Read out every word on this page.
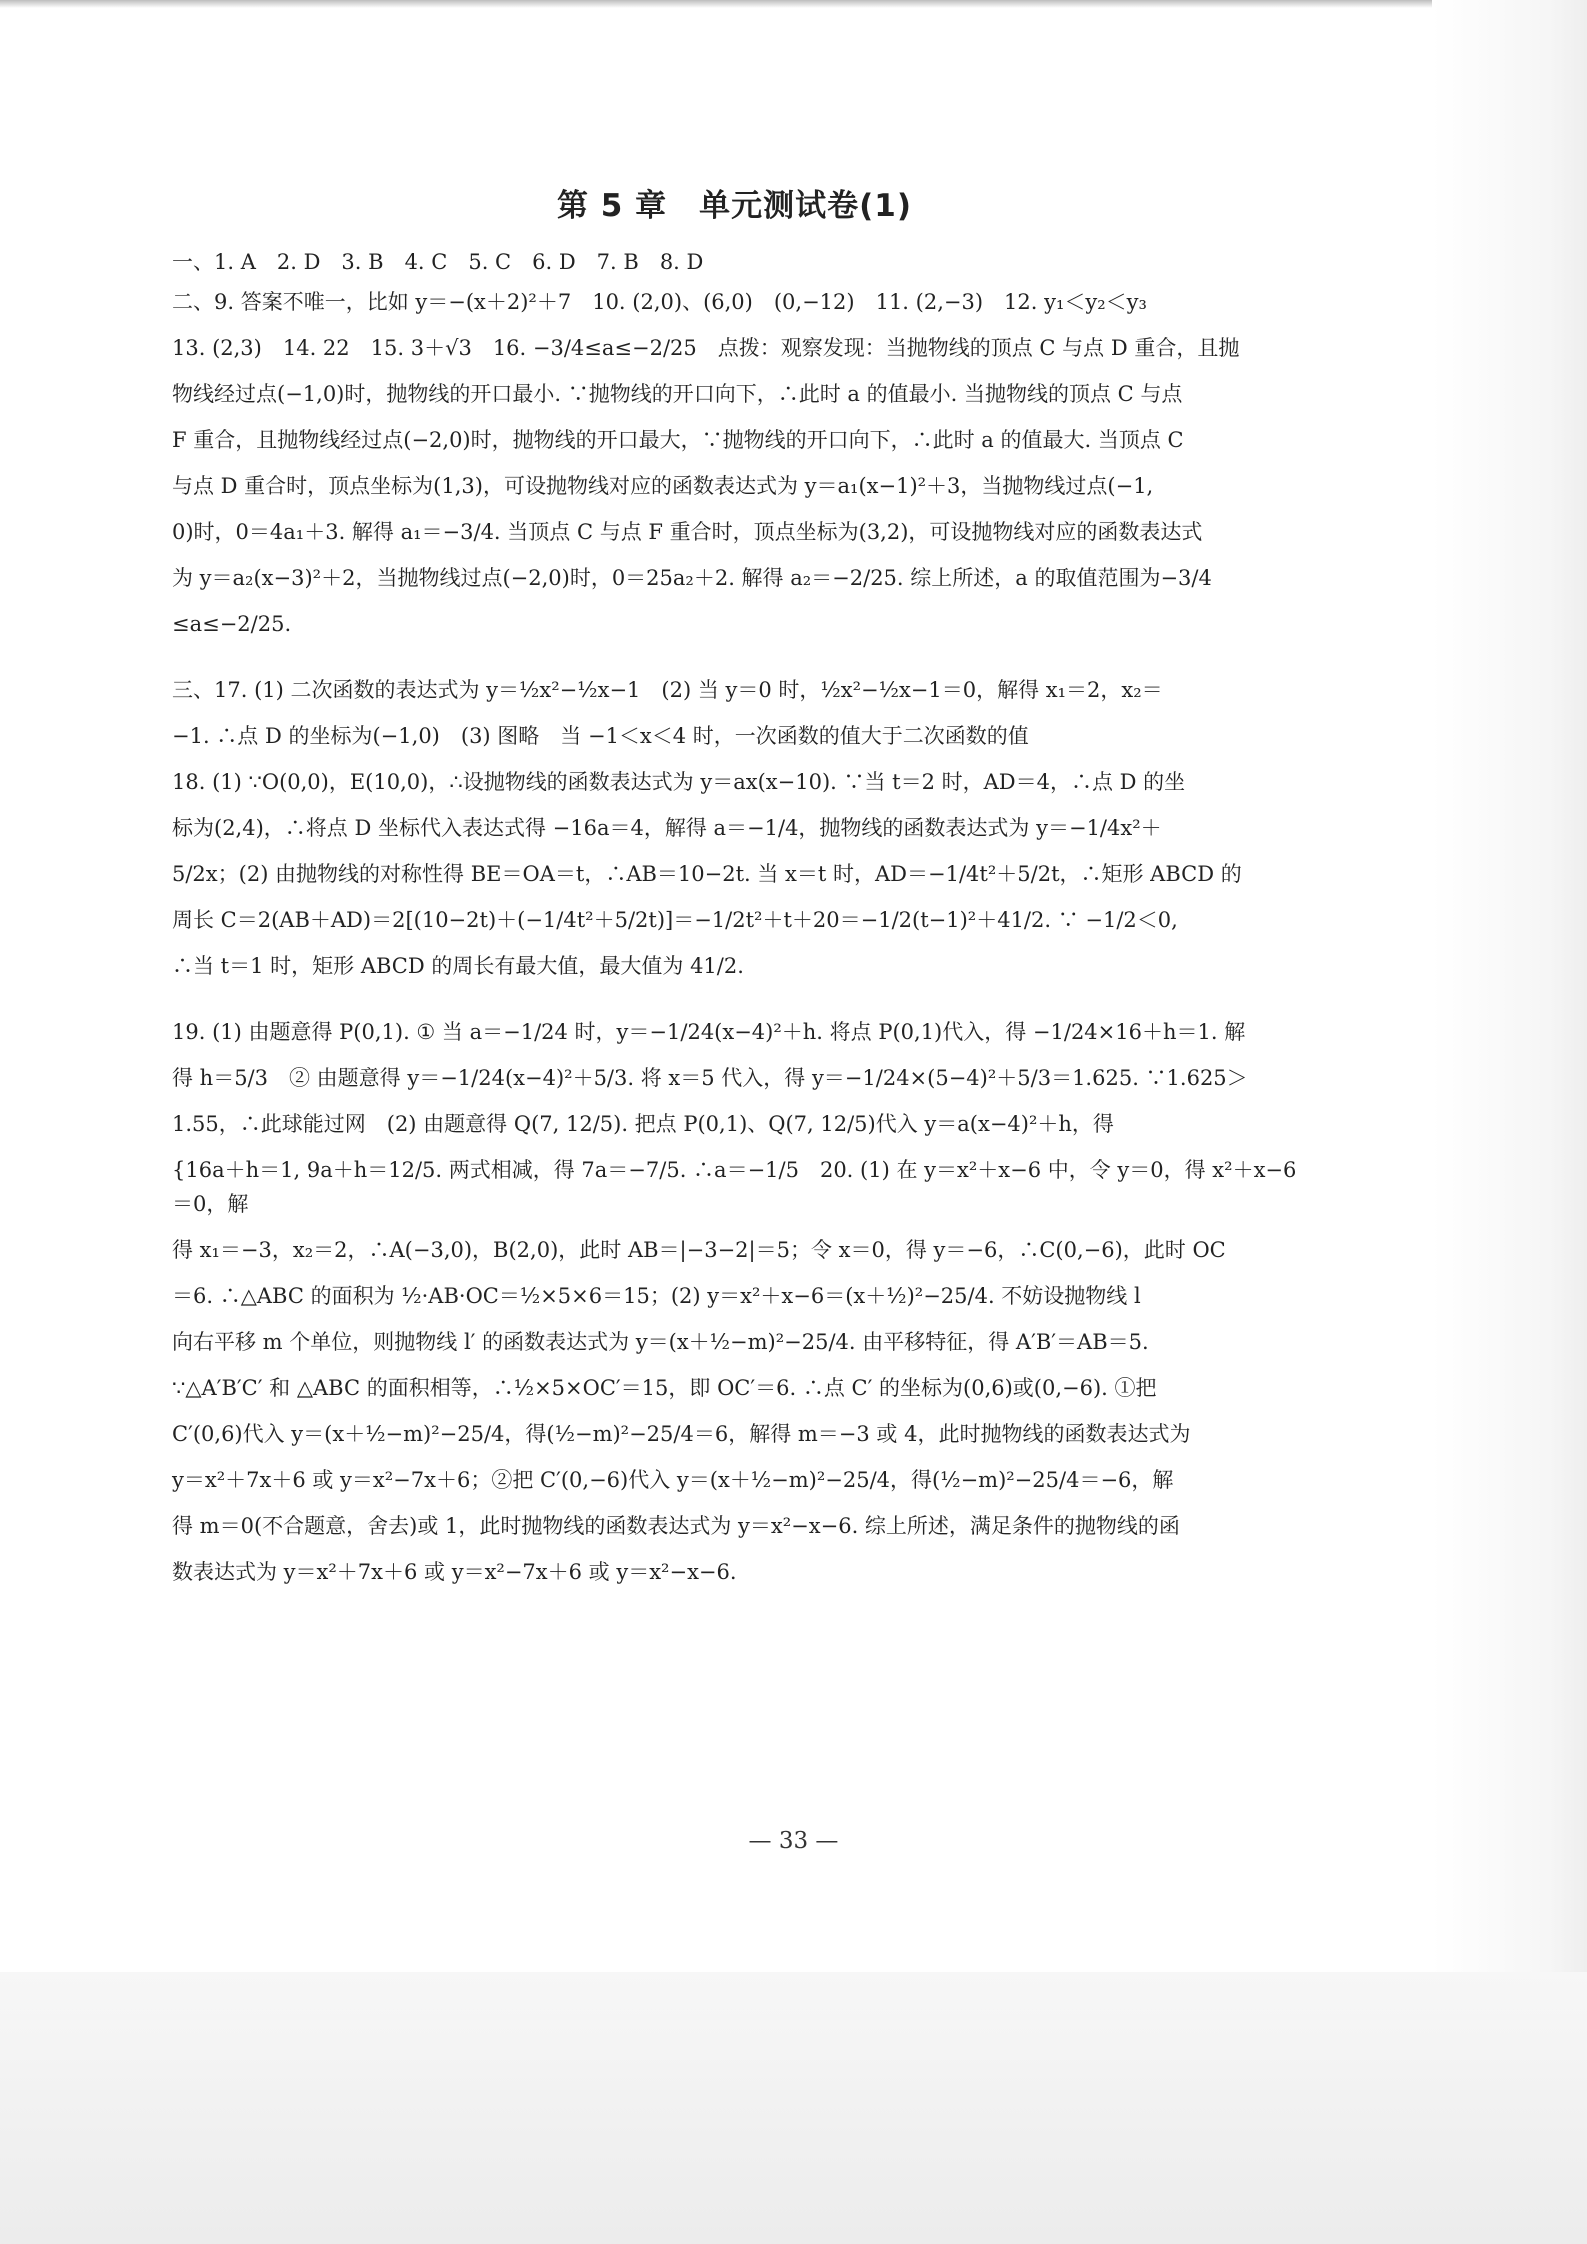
第 5 章　单元测试卷(1)
一、1. A　2. D　3. B　4. C　5. C　6. D　7. B　8. D
二、9. 答案不唯一，比如 y＝−(x＋2)²＋7　10. (2,0)、(6,0)　(0,−12)　11. (2,−3)　12. y₁＜y₂＜y₃
13. (2,3)　14. 22　15. 3＋√3　16. −3/4≤a≤−2/25　点拨：观察发现：当抛物线的顶点 C 与点 D 重合，且抛
物线经过点(−1,0)时，抛物线的开口最小. ∵抛物线的开口向下，∴此时 a 的值最小. 当抛物线的顶点 C 与点
F 重合，且抛物线经过点(−2,0)时，抛物线的开口最大，∵抛物线的开口向下，∴此时 a 的值最大. 当顶点 C
与点 D 重合时，顶点坐标为(1,3)，可设抛物线对应的函数表达式为 y＝a₁(x−1)²＋3，当抛物线过点(−1,
0)时，0＝4a₁＋3. 解得 a₁＝−3/4. 当顶点 C 与点 F 重合时，顶点坐标为(3,2)，可设抛物线对应的函数表达式
为 y＝a₂(x−3)²＋2，当抛物线过点(−2,0)时，0＝25a₂＋2. 解得 a₂＝−2/25. 综上所述，a 的取值范围为−3/4
≤a≤−2/25.
三、17. (1) 二次函数的表达式为 y＝½x²−½x−1　(2) 当 y＝0 时，½x²−½x−1＝0，解得 x₁＝2，x₂＝
−1. ∴点 D 的坐标为(−1,0)　(3) 图略　当 −1＜x＜4 时，一次函数的值大于二次函数的值
18. (1) ∵O(0,0)，E(10,0)，∴设抛物线的函数表达式为 y＝ax(x−10). ∵当 t＝2 时，AD＝4，∴点 D 的坐
标为(2,4)，∴将点 D 坐标代入表达式得 −16a＝4，解得 a＝−1/4，抛物线的函数表达式为 y＝−1/4x²＋
5/2x；(2) 由抛物线的对称性得 BE＝OA＝t，∴AB＝10−2t. 当 x＝t 时，AD＝−1/4t²＋5/2t，∴矩形 ABCD 的
周长 C＝2(AB＋AD)＝2[(10−2t)＋(−1/4t²＋5/2t)]＝−1/2t²＋t＋20＝−1/2(t−1)²＋41/2. ∵ −1/2＜0,
∴当 t＝1 时，矩形 ABCD 的周长有最大值，最大值为 41/2.
19. (1) 由题意得 P(0,1). ① 当 a＝−1/24 时，y＝−1/24(x−4)²＋h. 将点 P(0,1)代入，得 −1/24×16＋h＝1. 解
得 h＝5/3　② 由题意得 y＝−1/24(x−4)²＋5/3. 将 x＝5 代入，得 y＝−1/24×(5−4)²＋5/3＝1.625. ∵1.625＞
1.55，∴此球能过网　(2) 由题意得 Q(7, 12/5). 把点 P(0,1)、Q(7, 12/5)代入 y＝a(x−4)²＋h，得
{16a＋h＝1, 9a＋h＝12/5. 两式相减，得 7a＝−7/5. ∴a＝−1/5　20. (1) 在 y＝x²＋x−6 中，令 y＝0，得 x²＋x−6＝0，解
得 x₁＝−3，x₂＝2，∴A(−3,0)，B(2,0)，此时 AB＝|−3−2|＝5；令 x＝0，得 y＝−6，∴C(0,−6)，此时 OC
＝6. ∴△ABC 的面积为 ½·AB·OC＝½×5×6＝15；(2) y＝x²＋x−6＝(x＋½)²−25/4. 不妨设抛物线 l
向右平移 m 个单位，则抛物线 l′ 的函数表达式为 y＝(x＋½−m)²−25/4. 由平移特征，得 A′B′＝AB＝5.
∵△A′B′C′ 和 △ABC 的面积相等，∴½×5×OC′＝15，即 OC′＝6. ∴点 C′ 的坐标为(0,6)或(0,−6). ①把
C′(0,6)代入 y＝(x＋½−m)²−25/4，得(½−m)²−25/4＝6，解得 m＝−3 或 4，此时抛物线的函数表达式为
y＝x²＋7x＋6 或 y＝x²−7x＋6；②把 C′(0,−6)代入 y＝(x＋½−m)²−25/4，得(½−m)²−25/4＝−6，解
得 m＝0(不合题意，舍去)或 1，此时抛物线的函数表达式为 y＝x²−x−6. 综上所述，满足条件的抛物线的函
数表达式为 y＝x²＋7x＋6 或 y＝x²−7x＋6 或 y＝x²−x−6.
— 33 —
